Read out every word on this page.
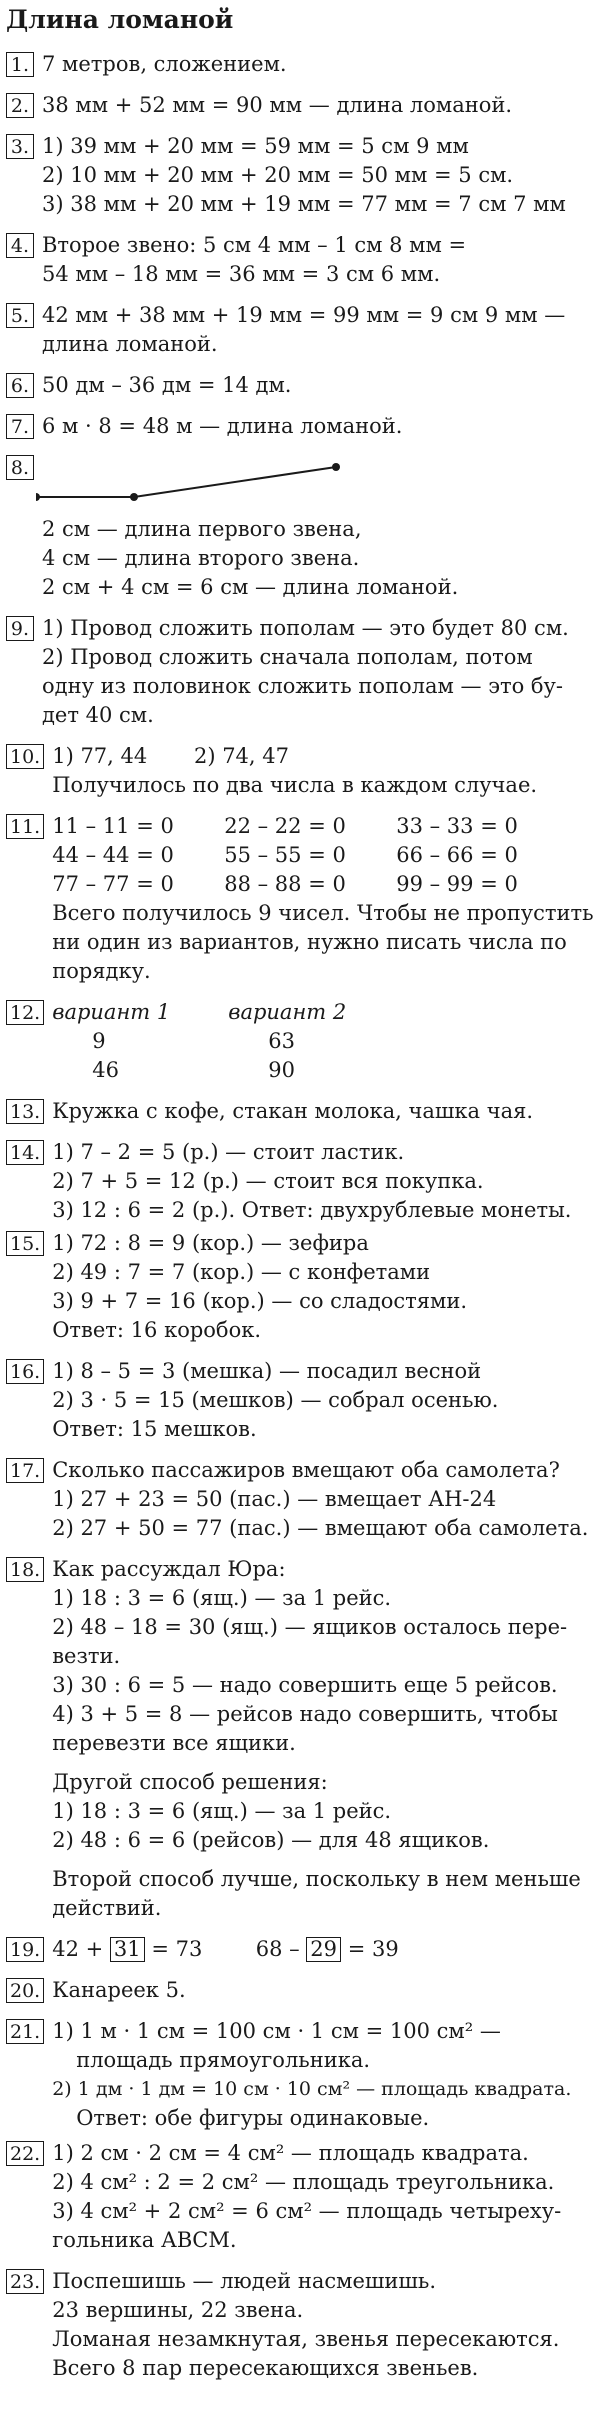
Длина ломаной
1. 7 метров, сложением.
2. 38 мм + 52 мм = 90 мм — длина ломаной.
3. 1) 39 мм + 20 мм = 59 мм = 5 см 9 мм
2) 10 мм + 20 мм + 20 мм = 50 мм = 5 см.
3) 38 мм + 20 мм + 19 мм = 77 мм = 7 см 7 мм
4. Второе звено: 5 см 4 мм – 1 см 8 мм =
54 мм – 18 мм = 36 мм = 3 см 6 мм.
5. 42 мм + 38 мм + 19 мм = 99 мм = 9 см 9 мм —
длина ломаной.
6. 50 дм – 36 дм = 14 дм.
7. 6 м · 8 = 48 м — длина ломаной.
8.
2 см — длина первого звена,
4 см — длина второго звена.
2 см + 4 см = 6 см — длина ломаной.
9. 1) Провод сложить пополам — это будет 80 см.
2) Провод сложить сначала пополам, потом
одну из половинок сложить пополам — это бу-
дет 40 см.
10. 1) 77, 44       2) 74, 47
Получилось по два числа в каждом случае.
11. 11 – 11 = 0	22 – 22 = 0	33 – 33 = 0
44 – 44 = 0	55 – 55 = 0	66 – 66 = 0
77 – 77 = 0	88 – 88 = 0	99 – 99 = 0
Всего получилось 9 чисел. Чтобы не пропустить ни один из вариантов, нужно писать числа по порядку.
12. вариант 1	вариант 2
9	63
46	90
13. Кружка с кофе, стакан молока, чашка чая.
14. 1) 7 – 2 = 5 (р.) — стоит ластик.
2) 7 + 5 = 12 (р.) — стоит вся покупка.
3) 12 : 6 = 2 (р.). Ответ: двухрублевые монеты.
15. 1) 72 : 8 = 9 (кор.) — зефира
2) 49 : 7 = 7 (кор.) — с конфетами
3) 9 + 7 = 16 (кор.) — со сладостями.
Ответ: 16 коробок.
16. 1) 8 – 5 = 3 (мешка) — посадил весной
2) 3 · 5 = 15 (мешков) — собрал осенью.
Ответ: 15 мешков.
17. Сколько пассажиров вмещают оба самолета?
1) 27 + 23 = 50 (пас.) — вмещает АН-24
2) 27 + 50 = 77 (пас.) — вмещают оба самолета.
18. Как рассуждал Юра:
1) 18 : 3 = 6 (ящ.) — за 1 рейс.
2) 48 – 18 = 30 (ящ.) — ящиков осталось пере-
везти.
3) 30 : 6 = 5 — надо совершить еще 5 рейсов.
4) 3 + 5 = 8 — рейсов надо совершить, чтобы
перевезти все ящики.
Другой способ решения:
1) 18 : 3 = 6 (ящ.) — за 1 рейс.
2) 48 : 6 = 6 (рейсов) — для 48 ящиков.
Второй способ лучше, поскольку в нем меньше
действий.
19. 42 + 31 = 73	68 – 29 = 39
20. Канареек 5.
21. 1) 1 м · 1 см = 100 см · 1 см = 100 см² —
площадь прямоугольника.
2) 1 дм · 1 дм = 10 см · 10 см² — площадь квадрата.
Ответ: обе фигуры одинаковые.
22. 1) 2 см · 2 см = 4 см² — площадь квадрата.
2) 4 см² : 2 = 2 см² — площадь треугольника.
3) 4 см² + 2 см² = 6 см² — площадь четыреху-
гольника АВСМ.
23. Поспешишь — людей насмешишь.
23 вершины, 22 звена.
Ломаная незамкнутая, звенья пересекаются.
Всего 8 пар пересекающихся звеньев.
